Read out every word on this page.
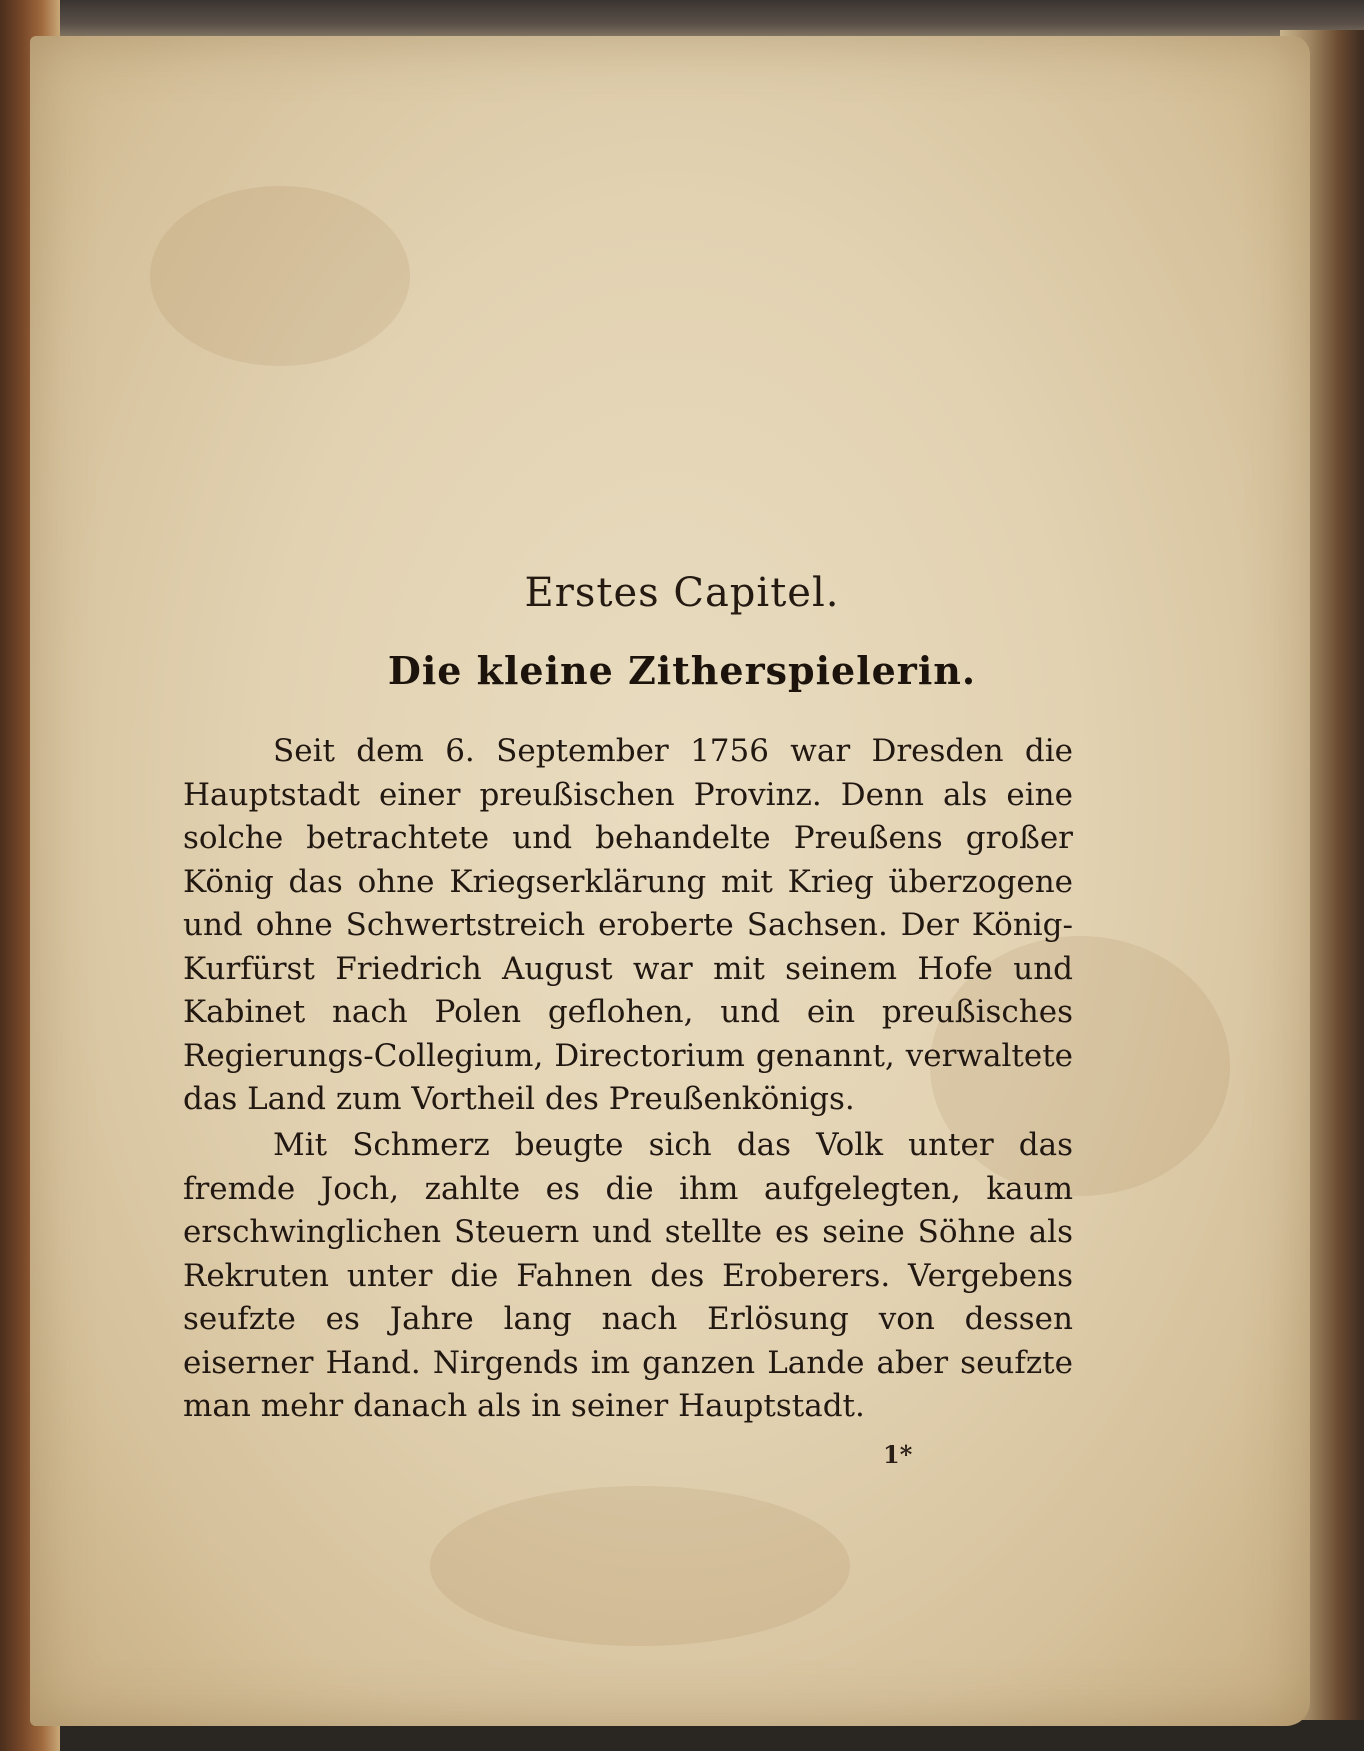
Erstes Capitel.
Die kleine Zitherspielerin.

Seit dem 6. September 1756 war Dresden die Hauptstadt einer preußischen Provinz. Denn als eine solche betrachtete und behandelte Preußens großer König das ohne Kriegserklärung mit Krieg überzogene und ohne Schwertstreich eroberte Sachsen. Der König-Kurfürst Friedrich August war mit seinem Hofe und Kabinet nach Polen geflohen, und ein preußisches Regierungs-Collegium, Directorium genannt, verwaltete das Land zum Vortheil des Preußenkönigs.

Mit Schmerz beugte sich das Volk unter das fremde Joch, zahlte es die ihm aufgelegten, kaum erschwinglichen Steuern und stellte es seine Söhne als Rekruten unter die Fahnen des Eroberers. Vergebens seufzte es Jahre lang nach Erlösung von dessen eiserner Hand. Nirgends im ganzen Lande aber seufzte man mehr danach als in seiner Hauptstadt.

1*
